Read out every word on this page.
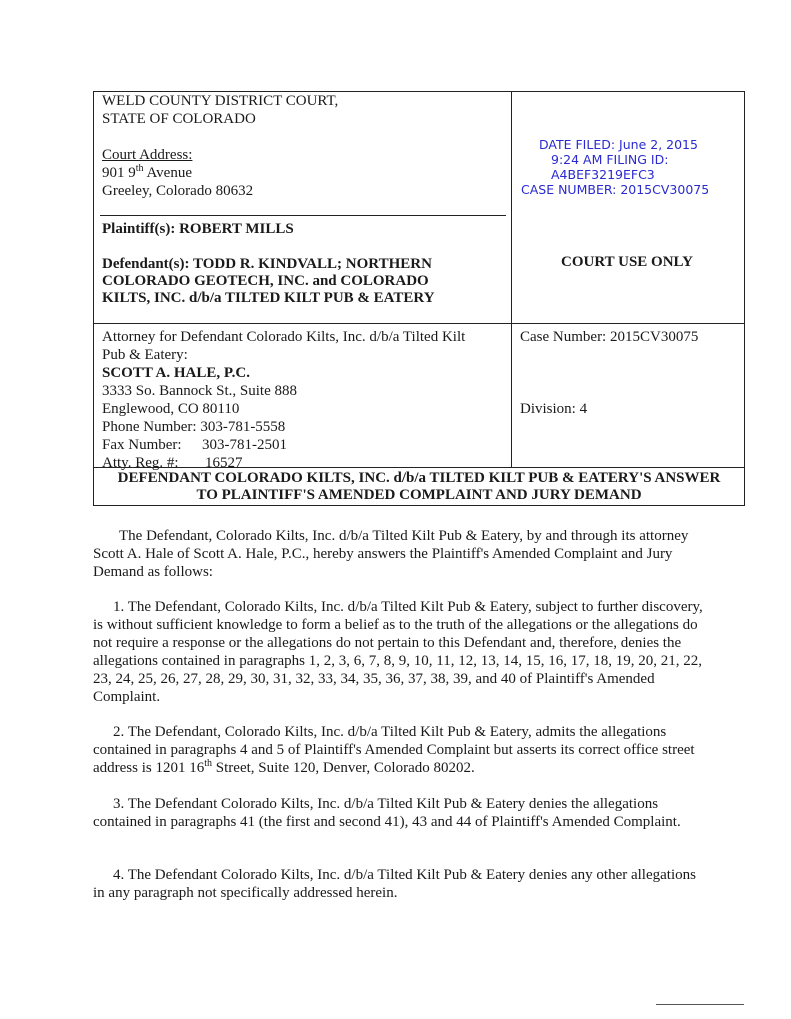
WELD COUNTY DISTRICT COURT,
STATE OF COLORADO
Court Address:
901 9th Avenue
Greeley, Colorado 80632
DATE FILED: June 2, 2015
9:24 AM FILING ID:
A4BEF3219EFC3
CASE NUMBER: 2015CV30075
Plaintiff(s): ROBERT MILLS
Defendant(s): TODD R. KINDVALL; NORTHERN
COLORADO GEOTECH, INC. and COLORADO
KILTS, INC. d/b/a TILTED KILT PUB & EATERY
COURT USE ONLY
Attorney for Defendant Colorado Kilts, Inc. d/b/a Tilted Kilt
Pub & Eatery:
SCOTT A. HALE, P.C.
3333 So. Bannock St., Suite 888
Englewood, CO 80110
Phone Number: 303-781-5558
Fax Number: 303-781-2501
Atty. Reg. #: 16527
Case Number: 2015CV30075
Division: 4
DEFENDANT COLORADO KILTS, INC. d/b/a TILTED KILT PUB & EATERY'S ANSWER
TO PLAINTIFF'S AMENDED COMPLAINT AND JURY DEMAND
The Defendant, Colorado Kilts, Inc. d/b/a Tilted Kilt Pub & Eatery, by and through its attorney Scott A. Hale of Scott A. Hale, P.C., hereby answers the Plaintiff's Amended Complaint and Jury Demand as follows:
1. The Defendant, Colorado Kilts, Inc. d/b/a Tilted Kilt Pub & Eatery, subject to further discovery, is without sufficient knowledge to form a belief as to the truth of the allegations or the allegations do not require a response or the allegations do not pertain to this Defendant and, therefore, denies the allegations contained in paragraphs 1, 2, 3, 6, 7, 8, 9, 10, 11, 12, 13, 14, 15, 16, 17, 18, 19, 20, 21, 22, 23, 24, 25, 26, 27, 28, 29, 30, 31, 32, 33, 34, 35, 36, 37, 38, 39, and 40 of Plaintiff's Amended Complaint.
2. The Defendant, Colorado Kilts, Inc. d/b/a Tilted Kilt Pub & Eatery, admits the allegations contained in paragraphs 4 and 5 of Plaintiff's Amended Complaint but asserts its correct office street address is 1201 16th Street, Suite 120, Denver, Colorado 80202.
3. The Defendant Colorado Kilts, Inc. d/b/a Tilted Kilt Pub & Eatery denies the allegations contained in paragraphs 41 (the first and second 41), 43 and 44 of Plaintiff's Amended Complaint.
4. The Defendant Colorado Kilts, Inc. d/b/a Tilted Kilt Pub & Eatery denies any other allegations in any paragraph not specifically addressed herein.
